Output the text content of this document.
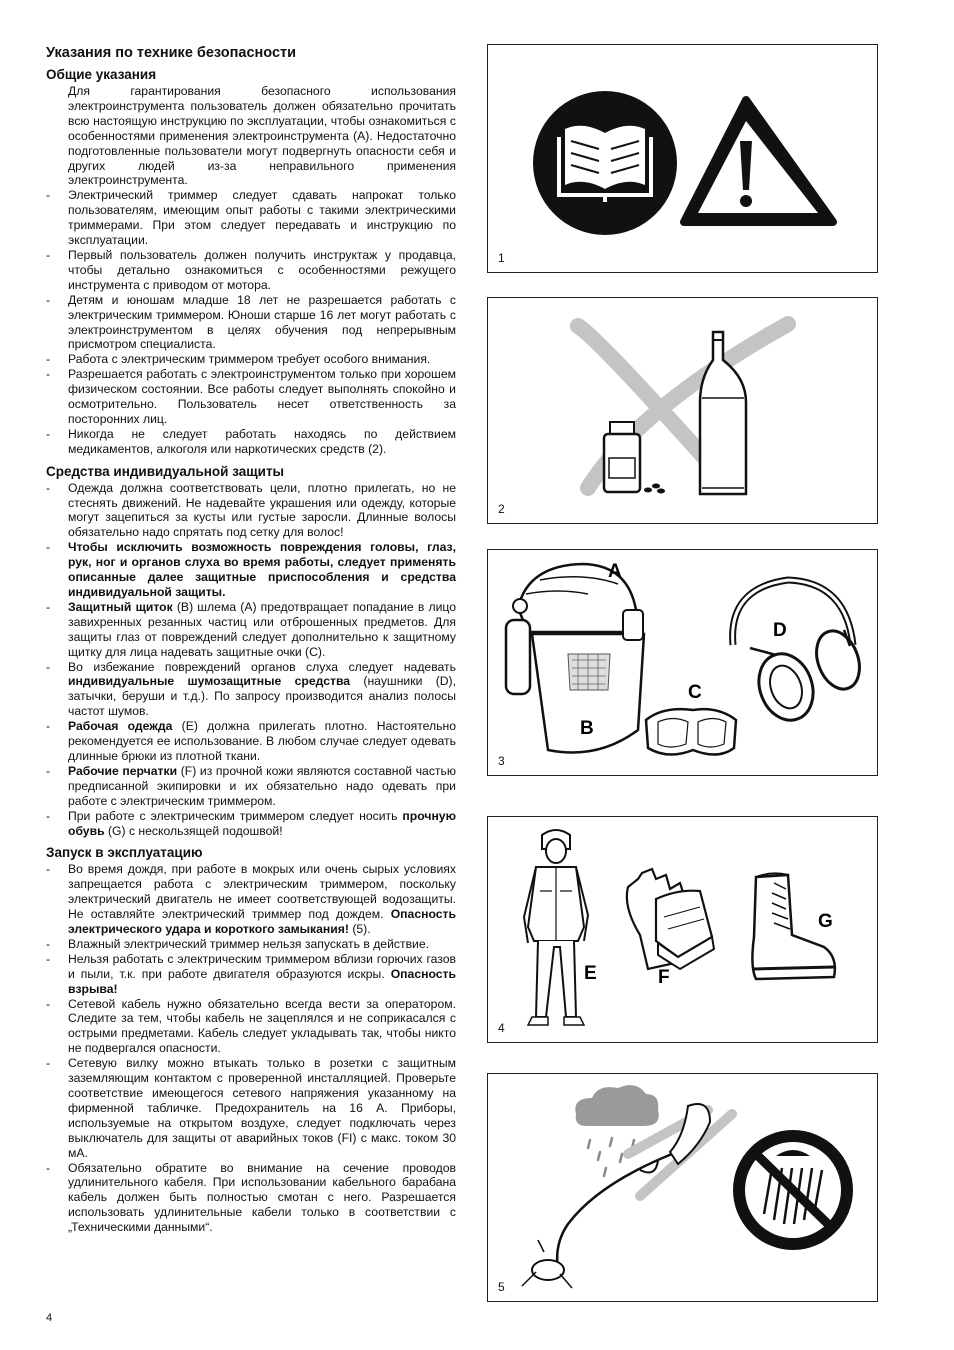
Указания по технике безопасности
Общие указания

Для гарантирования безопасного использования электроинструмента пользователь должен обязательно прочитать всю настоящую инструкцию по эксплуатации, чтобы ознакомиться с особенностями применения электроинструмента (A). Недостаточно подготовленные пользователи могут подвергнуть опасности себя и других людей из-за неправильного применения электроинструмента.

- Электрический триммер следует сдавать напрокат только пользователям, имеющим опыт работы с такими электрическими триммерами. При этом следует передавать и инструкцию по эксплуатации.

- Первый пользователь должен получить инструктаж у продавца, чтобы детально ознакомиться с особенностями режущего инструмента с приводом от мотора.

- Детям и юношам младше 18 лет не разрешается работать с электрическим триммером. Юноши старше 16 лет могут работать с электроинструментом в целях обучения под непрерывным присмотром специалиста.

- Работа с электрическим триммером требует особого внимания.

- Разрешается работать с электроинструментом только при хорошем физическом состоянии. Все работы следует выполнять спокойно и осмотрительно. Пользователь несет ответственность за посторонних лиц.

- Никогда не следует работать находясь по действием медикаментов, алкоголя или наркотических средств (2).

Средства индивидуальной защиты

- Одежда должна соответствовать цели, плотно прилегать, но не стеснять движений. Не надевайте украшения или одежду, которые могут зацепиться за кусты или густые заросли. Длинные волосы обязательно надо спрятать под сетку для волос!

- Чтобы исключить возможность повреждения головы, глаз, рук, ног и органов слуха во время работы, следует применять описанные далее защитные приспособления и средства индивидуальной защиты.

- Защитный щиток (B) шлема (A) предотвращает попадание в лицо завихренных резанных частиц или отброшенных предметов. Для защиты глаз от повреждений следует дополнительно к защитному щитку для лица надевать защитные очки (C).

- Во избежание повреждений органов слуха следует надевать индивидуальные шумозащитные средства (наушники (D), затычки, беруши и т.д.). По запросу производится анализ полосы частот шумов.

- Рабочая одежда (E) должна прилегать плотно. Настоятельно рекомендуется ее использование. В любом случае следует одевать длинные брюки из плотной ткани.

- Рабочие перчатки (F) из прочной кожи являются составной частью предписанной экипировки и их обязательно надо одевать при работе с электрическим триммером.

- При работе с электрическим триммером следует носить прочную обувь (G) с нескользящей подошвой!

Запуск в эксплуатацию

- Во время дождя, при работе в мокрых или очень сырых условиях запрещается работа с электрическим триммером, поскольку электрический двигатель не имеет соответствующей водозащиты. Не оставляйте электрический триммер под дождем. Опасность электрического удара и короткого замыкания! (5).

- Влажный электрический триммер нельзя запускать в действие.

- Нельзя работать с электрическим триммером вблизи горючих газов и пыли, т.к. при работе двигателя образуются искры. Опасность взрыва!

- Сетевой кабель нужно обязательно всегда вести за оператором. Следите за тем, чтобы кабель не зацеплялся и не соприкасался с острыми предметами. Кабель следует укладывать так, чтобы никто не подвергался опасности.

- Сетевую вилку можно втыкать только в розетки с защитным заземляющим контактом с проверенной инсталляцией. Проверьте соответствие имеющегося сетевого напряжения указанному на фирменной табличке. Предохранитель на 16 А. Приборы, используемые на открытом воздухе, следует подключать через выключатель для защиты от аварийных токов (FI) с макс. током 30 мА.

- Обязательно обратите во внимание на сечение проводов удлинительного кабеля. При использовании кабельного барабана кабель должен быть полностью смотан с него. Разрешается использовать удлинительные кабели только в соответствии с „Техническими данными“.

4
1
2
A
B
C
D
3
E	F
G
4
5
